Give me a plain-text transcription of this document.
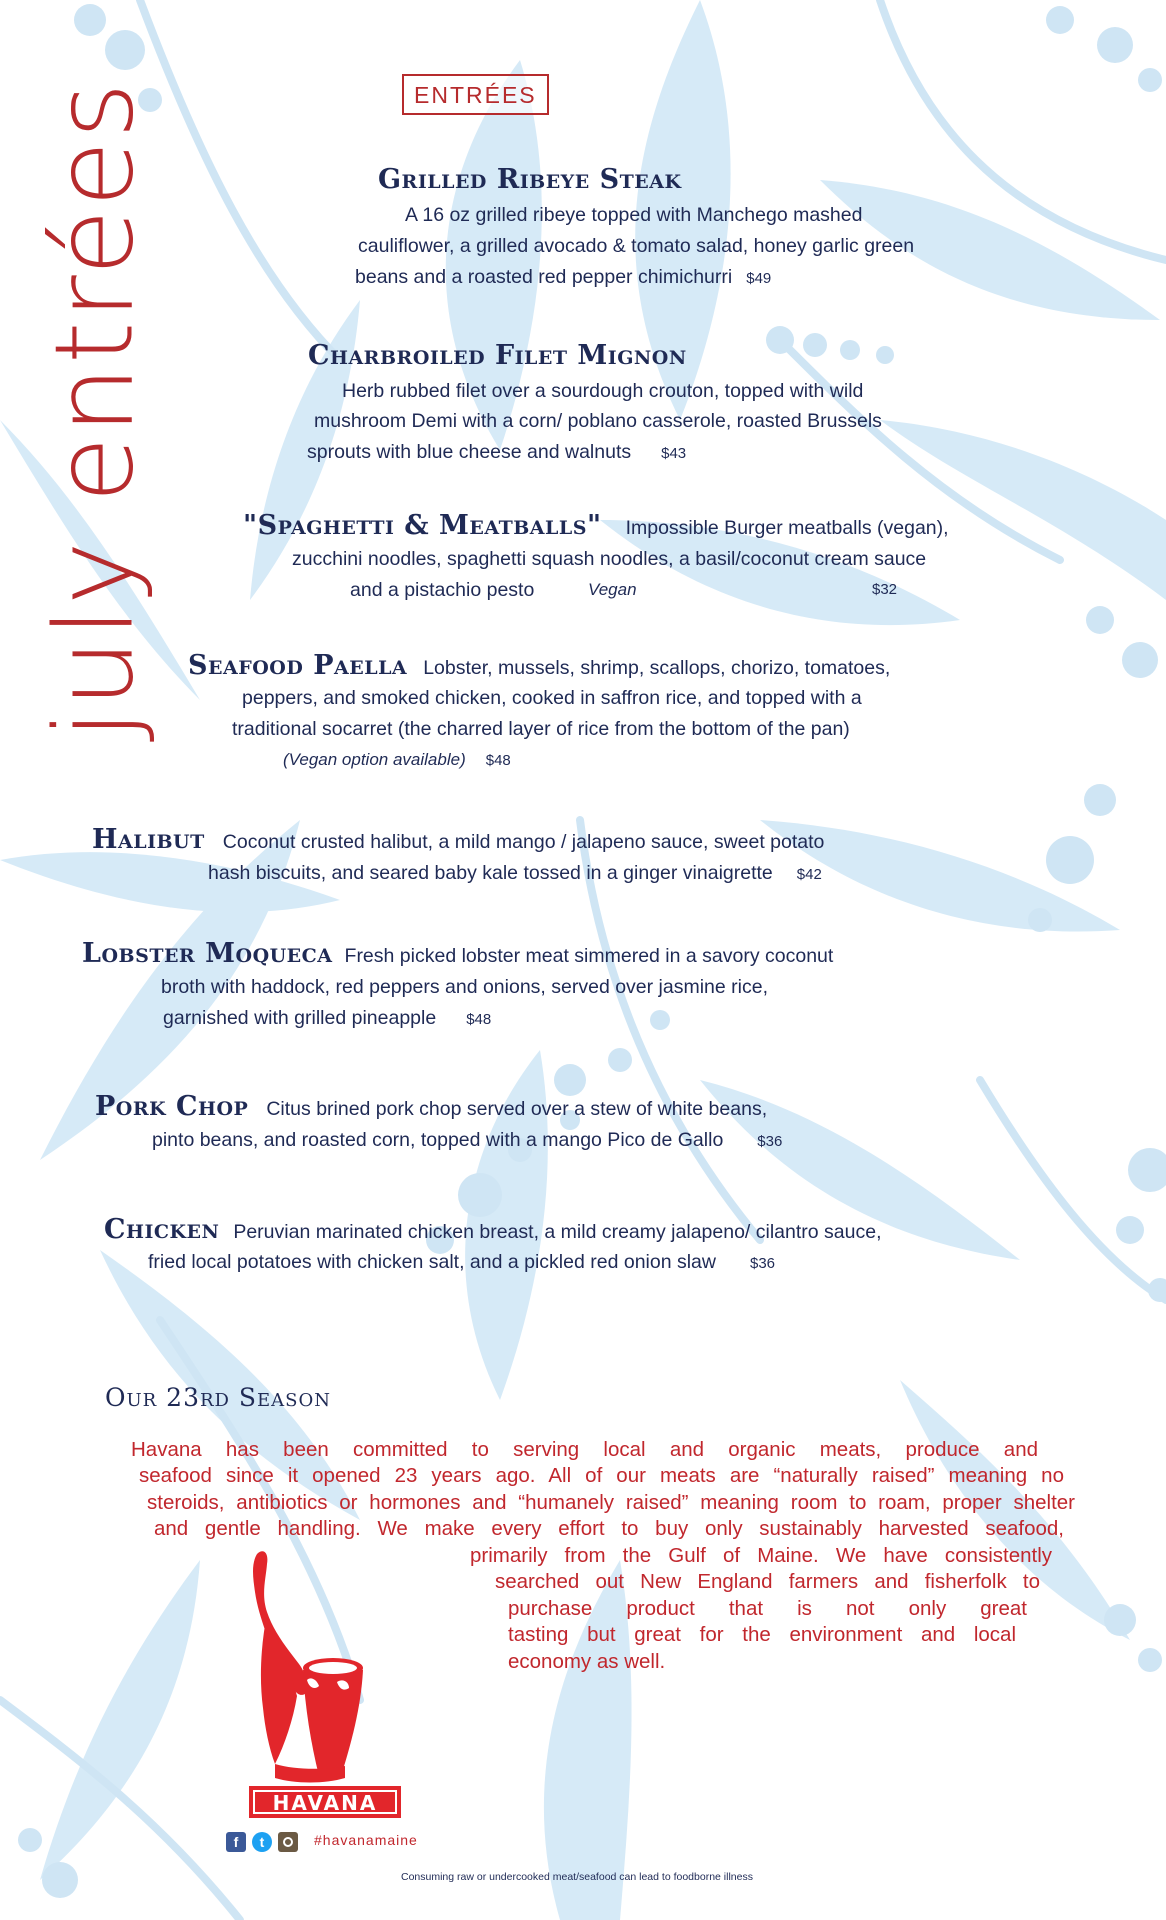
july entrées	ENTRÉES
Grilled Ribeye Steak
A 16 oz grilled ribeye topped with Manchego mashed
cauliflower, a grilled avocado & tomato salad, honey garlic green
beans and a roasted red pepper chimichurri $49
Charbroiled Filet Mignon
Herb rubbed filet over a sourdough crouton, topped with wild
mushroom Demi with a corn/ poblano casserole, roasted Brussels
sprouts with blue cheese and walnuts $43
"Spaghetti & Meatballs" Impossible Burger meatballs (vegan),
zucchini noodles, spaghetti squash noodles, a basil/coconut cream sauce
and a pistachio pesto	Vegan	$32
Seafood Paella Lobster, mussels, shrimp, scallops, chorizo, tomatoes,
peppers, and smoked chicken, cooked in saffron rice, and topped with a
traditional socarret (the charred layer of rice from the bottom of the pan)
(Vegan option available) $48
Halibut Coconut crusted halibut, a mild mango / jalapeno sauce, sweet potato
hash biscuits, and seared baby kale tossed in a ginger vinaigrette $42
Lobster Moqueca Fresh picked lobster meat simmered in a savory coconut
broth with haddock, red peppers and onions, served over jasmine rice,
garnished with grilled pineapple $48
Pork Chop Citus brined pork chop served over a stew of white beans,
pinto beans, and roasted corn, topped with a mango Pico de Gallo $36
Chicken Peruvian marinated chicken breast, a mild creamy jalapeno/ cilantro sauce,
fried local potatoes with chicken salt, and a pickled red onion slaw $36
Our 23rd Season
Havana has been committed to serving local and organic meats, produce and
seafood since it opened 23 years ago. All of our meats are “naturally raised” meaning no
steroids, antibiotics or hormones and “humanely raised” meaning room to roam, proper shelter
and gentle handling. We make every effort to buy only sustainably harvested seafood,
primarily from the Gulf of Maine. We have consistently
searched out New England farmers and fisherfolk to
purchase product that is not only great
tasting but great for the environment and local
economy as well.
HAVANA
f	t	#havanamaine
Consuming raw or undercooked meat/seafood can lead to foodborne illness
